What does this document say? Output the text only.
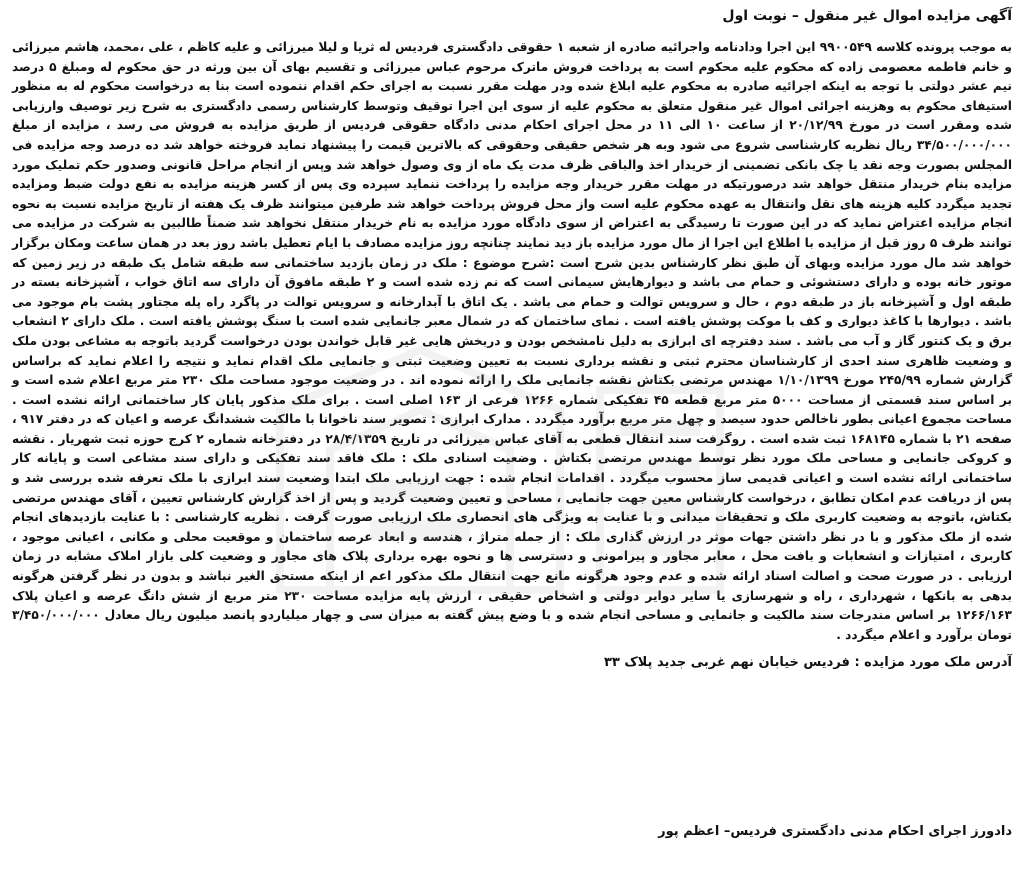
آگهی مزایده اموال غیر منقول – نوبت اول

به موجب پرونده کلاسه ۹۹۰۰۵۴۹ این اجرا ودادنامه واجرائیه صادره از شعبه ۱ حقوقی دادگستری فردیس له ثریا و لیلا میرزائی و علیه کاظم ، علی ،محمد، هاشم میرزائی و خانم فاطمه معصومی زاده که محکوم علیه محکوم است به پرداخت فروش ماترک مرحوم عباس میرزائی و تقسیم بهای آن بین ورثه در حق محکوم له ومبلغ ۵ درصد نیم عشر دولتی با توجه به اینکه اجرائیه صادره به محکوم علیه ابلاغ شده ودر مهلت مقرر نسبت به اجرای حکم اقدام ننموده است بنا به درخواست محکوم له به منظور استیفای محکوم به وهزینه اجرائی اموال غیر منقول متعلق به محکوم علیه از سوی این اجرا توقیف وتوسط کارشناس رسمی دادگستری به شرح زیر توصیف وارزیابی شده ومقرر است در مورخ ۲۰/۱۲/۹۹ از ساعت ۱۰ الی ۱۱ در محل اجرای احکام مدنی دادگاه حقوقی فردیس از طریق مزایده به فروش می رسد ، مزایده از مبلغ ۳۴/۵۰۰/۰۰۰/۰۰۰ ریال نظریه کارشناسی شروع می شود وبه هر شخص حقیقی وحقوقی که بالاترین قیمت را پیشنهاد نماید فروخته خواهد شد ده درصد وجه مزایده فی المجلس بصورت وجه نقد یا چک بانکی تضمینی از خریدار اخذ والباقی ظرف مدت یک ماه از وی وصول خواهد شد وپس از انجام مراحل قانونی وصدور حکم تملیک مورد مزایده بنام خریدار منتقل خواهد شد درصورتیکه در مهلت مقرر خریدار وجه مزایده را پرداخت ننماید سپرده وی پس از کسر هزینه مزایده به نفع دولت ضبط ومزایده تجدید میگردد کلیه هزینه های نقل وانتقال به عهده محکوم علیه است واز محل فروش پرداخت خواهد شد طرفین میتوانند ظرف یک هفته از تاریخ مزایده نسبت به نحوه انجام مزایده اعتراض نماید که در این صورت تا رسیدگی به اعتراض از سوی دادگاه مورد مزایده به نام خریدار منتقل نخواهد شد ضمناً طالبین به شرکت در مزایده می توانند ظرف ۵ روز قبل از مزایده با اطلاع این اجرا از مال مورد مزایده باز دید نمایند چنانچه روز مزایده مصادف با ایام تعطیل باشد روز بعد در همان ساعت ومکان برگزار خواهد شد مال مورد مزایده وبهای آن طبق نظر کارشناس بدین شرح است :شرح موضوع : ملک در زمان بازدید ساختمانی سه طبقه شامل یک طبقه در زیر زمین که موتور خانه بوده و دارای دستشوئی و حمام می باشد و دیوارهایش سیمانی است که نم زده شده است و ۲ طبقه مافوق آن دارای سه اتاق خواب ، آشپزخانه بسته در طبقه اول و آشپزخانه باز در طبقه دوم ، حال و سرویس توالت و حمام می باشد . یک اتاق با آبدارخانه و سرویس توالت در پاگرد راه پله مجتاور پشت بام موجود می باشد . دیوارها با کاغذ دیواری و کف با موکت پوشش یافته است . نمای ساختمان که در شمال معبر جانمایی شده است با سنگ پوشش یافته است . ملک دارای ۲ انشعاب برق و یک کنتور گاز و آب می باشد . سند دفترچه ای ابرازی به دلیل نامشخص بودن و دربخش هایی غیر قابل خواندن بودن درخواست گردید باتوجه به مشاعی بودن ملک و وضعیت ظاهری سند احدی از کارشناسان محترم ثبتی و نقشه برداری نسبت به تعیین وضعیت ثبتی و جانمایی ملک اقدام نماید و نتیجه را اعلام نماید که براساس گزارش شماره ۲۴۵/۹۹ مورخ ۱/۱۰/۱۳۹۹ مهندس مرتضی بکتاش نقشه جانمایی ملک را ارائه نموده اند . در وضعیت موجود مساحت ملک ۲۳۰ متر مربع اعلام شده است و بر اساس سند قسمتی از مساحت ۵۰۰۰ متر مربع قطعه ۴۵ تفکیکی شماره ۱۲۶۶ فرعی از ۱۶۳ اصلی است . برای ملک مذکور پایان کار ساختمانی ارائه نشده است . مساحت مجموع اعیانی بطور ناخالص حدود سیصد و چهل متر مربع برآورد میگردد . مدارک ابرازی : تصویر سند ناخوانا با مالکیت ششدانگ عرصه و اعیان که در دفتر ۹۱۷ ، صفحه ۲۱ با شماره ۱۶۸۱۴۵ ثبت شده است . روگرفت سند انتقال قطعی به آقای عباس میرزائی در تاریخ ۲۸/۴/۱۳۵۹ در دفترخانه شماره ۲ کرج حوزه ثبت شهریار . نقشه و کروکی جانمایی و مساحی ملک مورد نظر توسط مهندس مرتضی بکتاش . وضعیت اسنادی ملک : ملک فاقد سند تفکیکی و دارای سند مشاعی است و پایانه کار ساختمانی ارائه نشده است و اعیانی قدیمی ساز محسوب میگردد . اقدامات انجام شده : جهت ارزیابی ملک ابتدا وضعیت سند ابرازی با ملک تعرفه شده بررسی شد و پس از دریافت عدم امکان تطابق ، درخواست کارشناس معین جهت جانمایی ، مساحی و تعیین وضعیت گردید و پس از اخذ گزارش کارشناس تعیین ، آقای مهندس مرتضی بکتاش، باتوجه به وضعیت کاربری ملک و تحقیقات میدانی و با عنایت به ویژگی های انحصاری ملک ارزیابی صورت گرفت . نظریه کارشناسی : با عنایت بازدیدهای انجام شده از ملک مذکور و با در نظر داشتن جهات موثر در ارزش گذاری ملک : از جمله متراژ ، هندسه و ابعاد عرصه ساختمان و موقعیت محلی و مکانی ، اعیانی موجود ، کاربری ، امتیازات و انشعابات و بافت محل ، معابر مجاور و پیرامونی و دسترسی ها و نحوه بهره برداری پلاک های مجاور و وضعیت کلی بازار املاک مشابه در زمان ارزیابی . در صورت صحت و اصالت اسناد ارائه شده و عدم وجود هرگونه مانع جهت انتقال ملک مذکور اعم از اینکه مستحق الغیر نباشد و بدون در نظر گرفتن هرگونه بدهی به بانکها ، شهرداری ، راه و شهرسازی یا سایر دوایر دولتی و اشخاص حقیقی ، ارزش پایه مزایده مساحت ۲۳۰ متر مربع از شش دانگ عرصه و اعیان پلاک ۱۲۶۶/۱۶۳ بر اساس مندرجات سند مالکیت و جانمایی و مساحی انجام شده و با وضع پیش گفته به میزان سی و چهار میلیاردو پانصد میلیون ریال معادل ۳/۴۵۰/۰۰۰/۰۰۰ تومان برآورد و اعلام میگردد .

آدرس ملک مورد مزایده : فردیس خیابان نهم غربی جدید پلاک ۳۳
دادورز اجرای احکام مدنی دادگستری فردیس– اعظم پور
